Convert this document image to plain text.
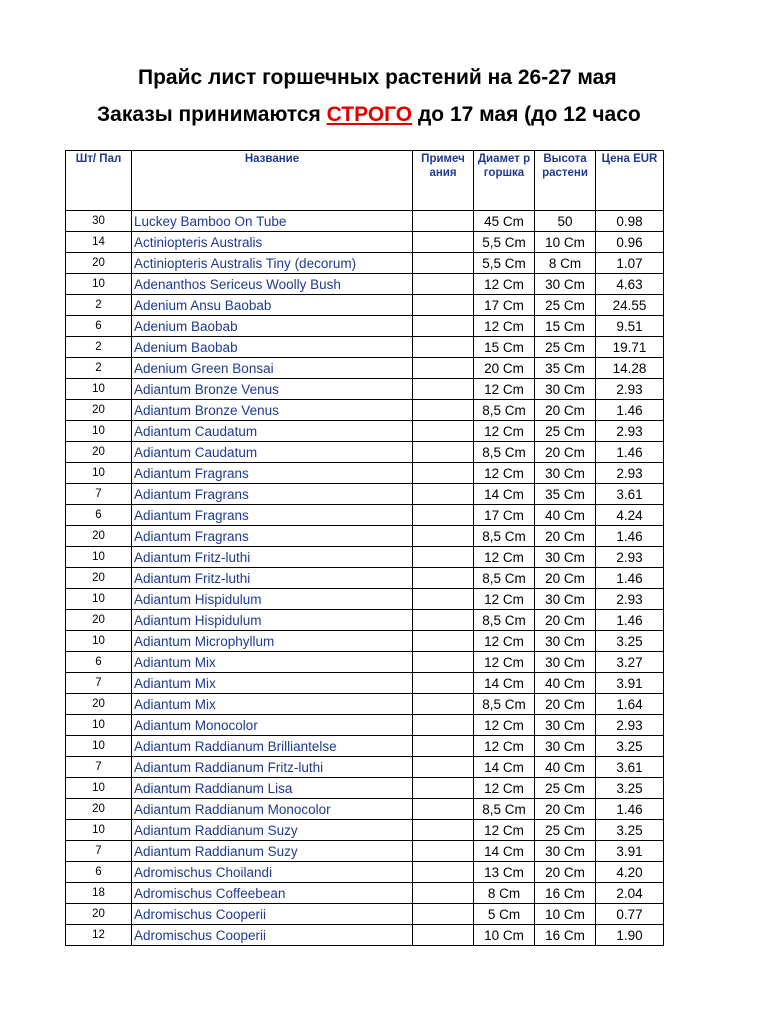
Прайс лист горшечных растений на 26-27 мая
Заказы принимаются СТРОГО до 17 мая (до 12 часо
Шт/ Пал	Название	Примеч ания	Диамет р горшка	Высота растени	Цена EUR
30	Luckey Bamboo On Tube		45 Cm	50	0.98
14	Actiniopteris Australis		5,5 Cm	10 Cm	0.96
20	Actiniopteris Australis Tiny (decorum)		5,5 Cm	8 Cm	1.07
10	Adenanthos Sericeus Woolly Bush		12 Cm	30 Cm	4.63
2	Adenium Ansu Baobab		17 Cm	25 Cm	24.55
6	Adenium Baobab		12 Cm	15 Cm	9.51
2	Adenium Baobab		15 Cm	25 Cm	19.71
2	Adenium Green Bonsai		20 Cm	35 Cm	14.28
10	Adiantum Bronze Venus		12 Cm	30 Cm	2.93
20	Adiantum Bronze Venus		8,5 Cm	20 Cm	1.46
10	Adiantum Caudatum		12 Cm	25 Cm	2.93
20	Adiantum Caudatum		8,5 Cm	20 Cm	1.46
10	Adiantum Fragrans		12 Cm	30 Cm	2.93
7	Adiantum Fragrans		14 Cm	35 Cm	3.61
6	Adiantum Fragrans		17 Cm	40 Cm	4.24
20	Adiantum Fragrans		8,5 Cm	20 Cm	1.46
10	Adiantum Fritz-luthi		12 Cm	30 Cm	2.93
20	Adiantum Fritz-luthi		8,5 Cm	20 Cm	1.46
10	Adiantum Hispidulum		12 Cm	30 Cm	2.93
20	Adiantum Hispidulum		8,5 Cm	20 Cm	1.46
10	Adiantum Microphyllum		12 Cm	30 Cm	3.25
6	Adiantum Mix		12 Cm	30 Cm	3.27
7	Adiantum Mix		14 Cm	40 Cm	3.91
20	Adiantum Mix		8,5 Cm	20 Cm	1.64
10	Adiantum Monocolor		12 Cm	30 Cm	2.93
10	Adiantum Raddianum Brilliantelse		12 Cm	30 Cm	3.25
7	Adiantum Raddianum Fritz-luthi		14 Cm	40 Cm	3.61
10	Adiantum Raddianum Lisa		12 Cm	25 Cm	3.25
20	Adiantum Raddianum Monocolor		8,5 Cm	20 Cm	1.46
10	Adiantum Raddianum Suzy		12 Cm	25 Cm	3.25
7	Adiantum Raddianum Suzy		14 Cm	30 Cm	3.91
6	Adromischus Choilandi		13 Cm	20 Cm	4.20
18	Adromischus Coffeebean		8 Cm	16 Cm	2.04
20	Adromischus Cooperii		5 Cm	10 Cm	0.77
12	Adromischus Cooperii		10 Cm	16 Cm	1.90
